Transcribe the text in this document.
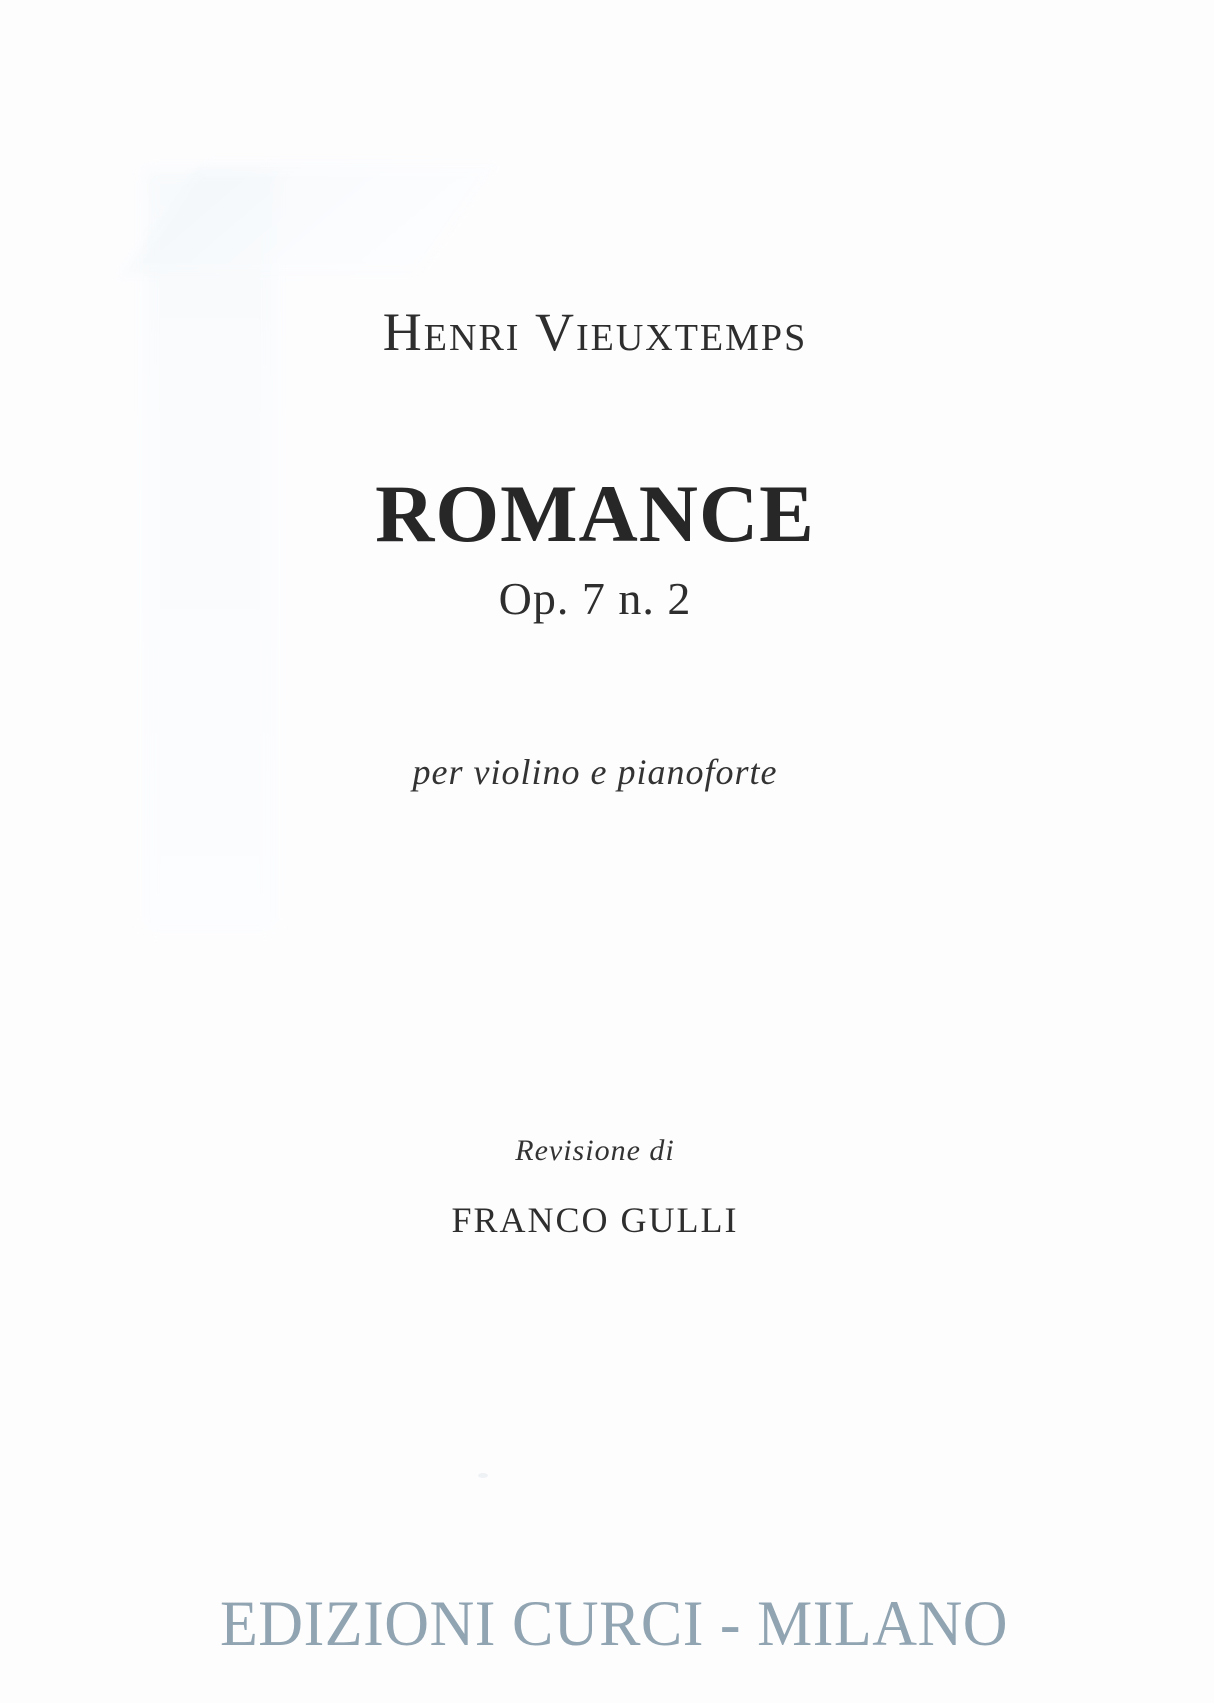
Henri Vieuxtemps
ROMANCE
Op. 7 n. 2
per violino e pianoforte
Revisione di
FRANCO GULLI
EDIZIONI CURCI - MILANO
